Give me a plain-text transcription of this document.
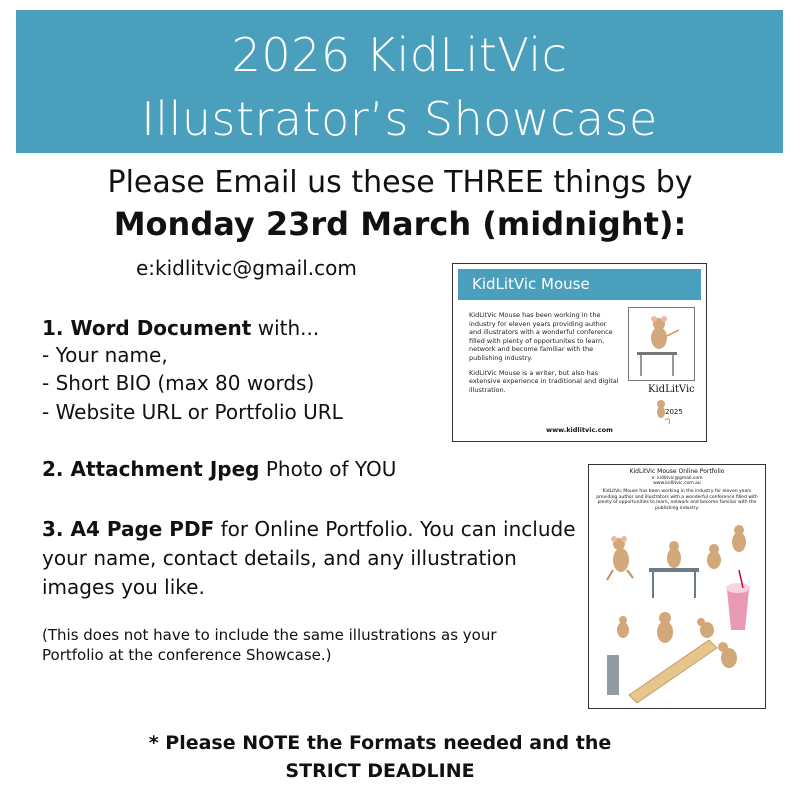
2026 KidLitVic
Illustrator’s Showcase
Please Email us these THREE things by
Monday 23rd March (midnight):
e:kidlitvic@gmail.com
1. Word Document with...
- Your name,
- Short BIO (max 80 words)
- Website URL or Portfolio URL
2. Attachment Jpeg Photo of YOU
3. A4 Page PDF for Online Portfolio. You can include your name, contact details, and any illustration images you like.
(This does not have to include the same illustrations as your Portfolio at the conference Showcase.)
* Please NOTE the Formats needed and the
STRICT DEADLINE
KidLitVic Mouse

KidLitVic Mouse has been working in the industry for eleven years providing author and illustrators with a wonderful conference filled with plenty of opportunites to learn, network and become familiar with the publishing industry.

KidLitVic Mouse is a writer, but also has extensive experience in traditional and digital illustration.	KidLitVic
2025
www.kidlitvic.com
KidLitVic Mouse Online Portfolio
e: kidlitvic@gmail.com
www.kidlitvic.com.au
KidLitVic Mouse has been working in the industry for eleven years providing author and illustrators with a wonderful conference filled with plenty of opportunities to learn, network and become familiar with the publishing industry.
